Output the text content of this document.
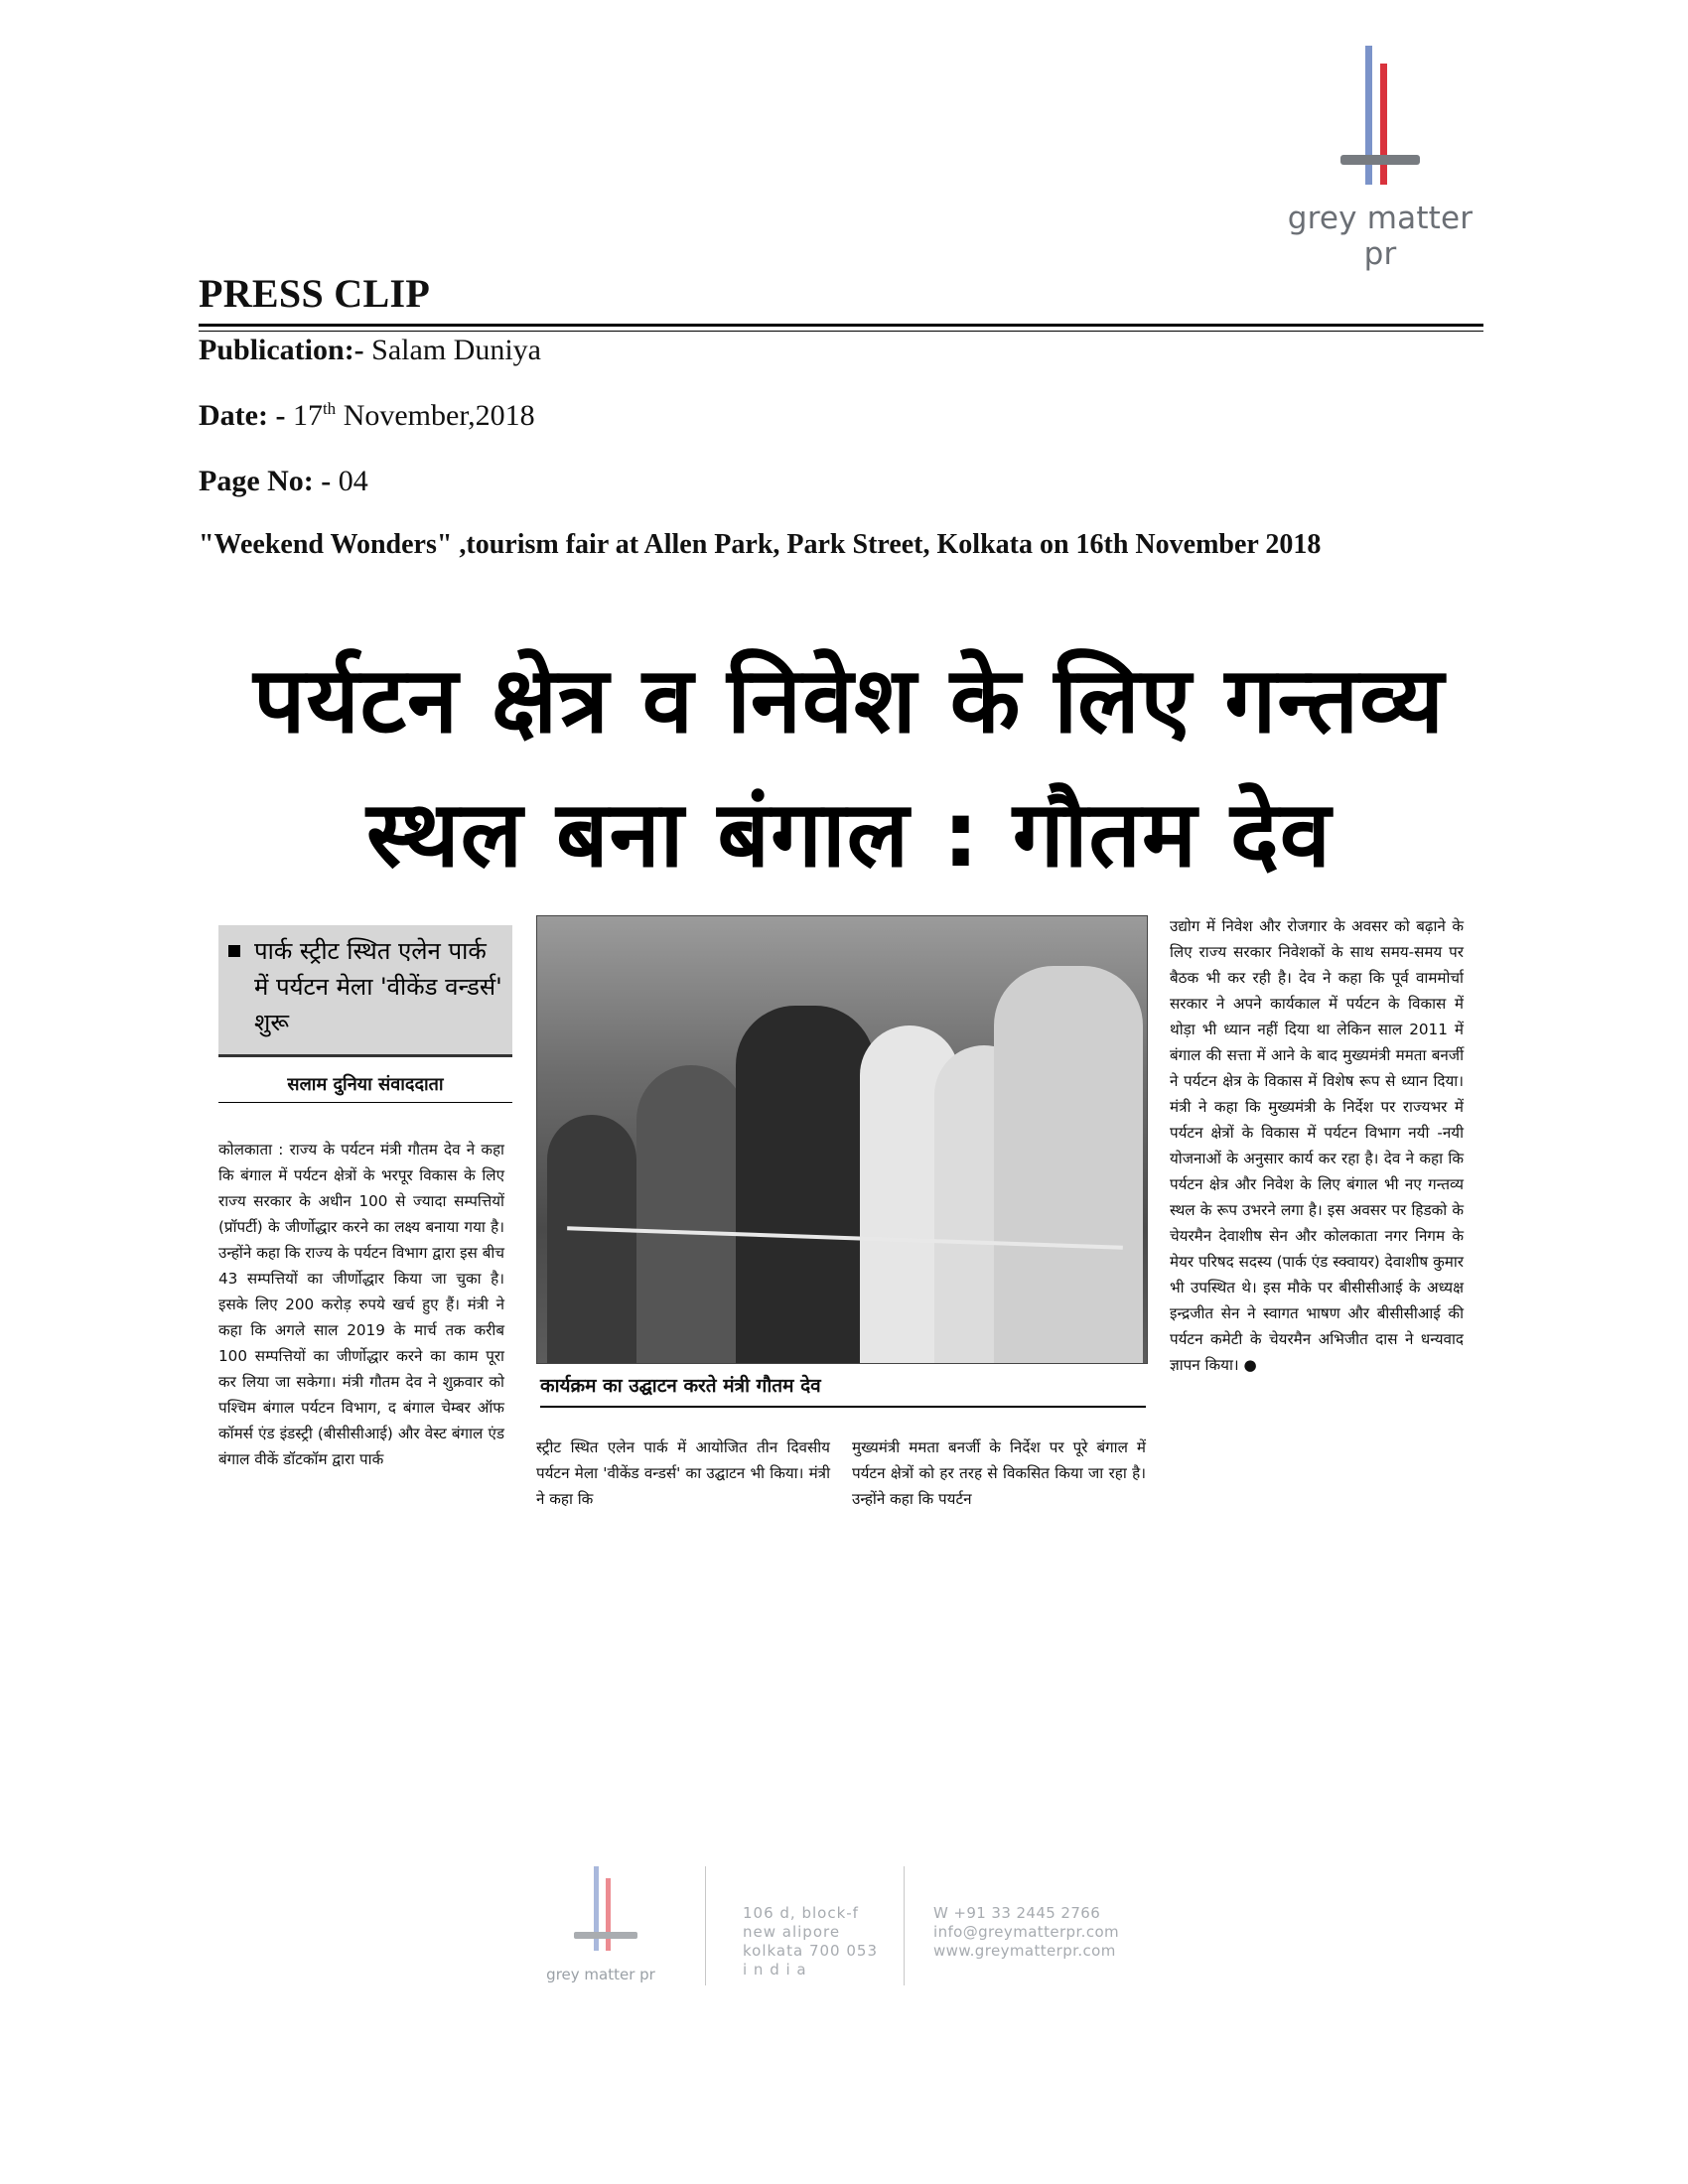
grey matter pr
PRESS CLIP
Publication:- Salam Duniya
Date: - 17th November,2018
Page No: - 04
"Weekend Wonders" ,tourism fair at Allen Park, Park Street, Kolkata on 16th November 2018
पर्यटन क्षेत्र व निवेश के लिए गन्तव्य
स्थल बना बंगाल : गौतम देव
पार्क स्ट्रीट स्थित एलेन पार्क में पर्यटन मेला 'वीकेंड वन्डर्स' शुरू
सलाम दुनिया संवाददाता
कोलकाता : राज्य के पर्यटन मंत्री गौतम देव ने कहा कि बंगाल में पर्यटन क्षेत्रों के भरपूर विकास के लिए राज्य सरकार के अधीन 100 से ज्यादा सम्पत्तियों (प्रॉपर्टी) के जीर्णोद्धार करने का लक्ष्य बनाया गया है। उन्होंने कहा कि राज्य के पर्यटन विभाग द्वारा इस बीच 43 सम्पत्तियों का जीर्णोद्धार किया जा चुका है। इसके लिए 200 करोड़ रुपये खर्च हुए हैं। मंत्री ने कहा कि अगले साल 2019 के मार्च तक करीब 100 सम्पत्तियों का जीर्णोद्धार करने का काम पूरा कर लिया जा सकेगा। मंत्री गौतम देव ने शुक्रवार को पश्चिम बंगाल पर्यटन विभाग, द बंगाल चेम्बर ऑफ कॉमर्स एंड इंडस्ट्री (बीसीसीआई) और वेस्ट बंगाल एंड बंगाल वीकें डॉटकॉम द्वारा पार्क
कार्यक्रम का उद्घाटन करते मंत्री गौतम देव
स्ट्रीट स्थित एलेन पार्क में आयोजित तीन दिवसीय पर्यटन मेला 'वीकेंड वन्डर्स' का उद्घाटन भी किया। मंत्री ने कहा कि
मुख्यमंत्री ममता बनर्जी के निर्देश पर पूरे बंगाल में पर्यटन क्षेत्रों को हर तरह से विकसित किया जा रहा है। उन्होंने कहा कि पयर्टन
उद्योग में निवेश और रोजगार के अवसर को बढ़ाने के लिए राज्य सरकार निवेशकों के साथ समय-समय पर बैठक भी कर रही है। देव ने कहा कि पूर्व वाममोर्चा सरकार ने अपने कार्यकाल में पर्यटन के विकास में थोड़ा भी ध्यान नहीं दिया था लेकिन साल 2011 में बंगाल की सत्ता में आने के बाद मुख्यमंत्री ममता बनर्जी ने पर्यटन क्षेत्र के विकास में विशेष रूप से ध्यान दिया। मंत्री ने कहा कि मुख्यमंत्री के निर्देश पर राज्यभर में पर्यटन क्षेत्रों के विकास में पर्यटन विभाग नयी -नयी योजनाओं के अनुसार कार्य कर रहा है। देव ने कहा कि पर्यटन क्षेत्र और निवेश के लिए बंगाल भी नए गन्तव्य स्थल के रूप उभरने लगा है। इस अवसर पर हिडको के चेयरमैन देवाशीष सेन और कोलकाता नगर निगम के मेयर परिषद सदस्य (पार्क एंड स्क्वायर) देवाशीष कुमार भी उपस्थित थे। इस मौके पर बीसीसीआई के अध्यक्ष इन्द्रजीत सेन ने स्वागत भाषण और बीसीसीआई की पर्यटन कमेटी के चेयरमैन अभिजीत दास ने धन्यवाद ज्ञापन किया। ●
grey matter pr
106 d, block-f
new alipore
kolkata 700 053
i n d i a
W +91 33 2445 2766
info@greymatterpr.com
www.greymatterpr.com
